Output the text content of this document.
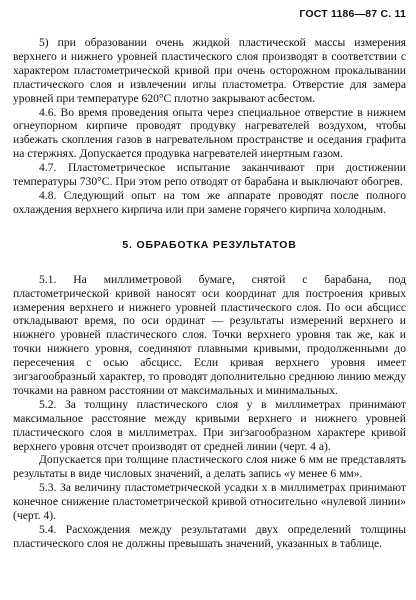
ГОСТ 1186—87 С. 11

5) при образовании очень жидкой пластической массы измерения верхнего и нижнего уровней пластического слоя производят в соответствии с характером пластометрической кривой при очень осторожном прокалывании пластического слоя и извлечении иглы пластометра. Отверстие для замера уровней при температуре 620°С плотно закрывают асбестом.

4.6. Во время проведения опыта через специальное отверстие в нижнем огнеупорном кирпиче проводят продувку нагревателей воздухом, чтобы избежать скопления газов в нагревательном пространстве и оседания графита на стержнях. Допускается продувка нагревателей инертным газом.

4.7. Пластометрическое испытание заканчивают при достижении температуры 730°С. При этом репо отводят от барабана и выключают обогрев.

4.8. Следующий опыт на том же аппарате проводят после полного охлаждения верхнего кирпича или при замене горячего кирпича холодным.

5. ОБРАБОТКА РЕЗУЛЬТАТОВ

5.1. На миллиметровой бумаге, снятой с барабана, под пластометрической кривой наносят оси координат для построения кривых измерения верхнего и нижнего уровней пластического слоя. По оси абсцисс откладывают время, по оси ординат — результаты измерений верхнего и нижнего уровней пластического слоя. Точки верхнего уровня так же, как и точки нижнего уровня, соединяют плавными кривыми, продолженными до пересечения с осью абсцисс. Если кривая верхнего уровня имеет зигзагообразный характер, то проводят дополнительно среднюю линию между точками на равном расстоянии от максимальных и минимальных.

5.2. За толщину пластического слоя y в миллиметрах принимают максимальное расстояние между кривыми верхнего и нижнего уровней пластического слоя в миллиметрах. При зигзагообразном характере кривой верхнего уровня отсчет производят от средней линии (черт. 4 а).

Допускается при толщине пластического слоя ниже 6 мм не представлять результаты в виде числовых значений, а делать запись «у менее 6 мм».

5.3. За величину пластометрической усадки x в миллиметрах принимают конечное снижение пластометрической кривой относительно «нулевой линии» (черт. 4).

5.4. Расхождения между результатами двух определений толщины пластического слоя не должны превышать значений, указанных в таблице.
